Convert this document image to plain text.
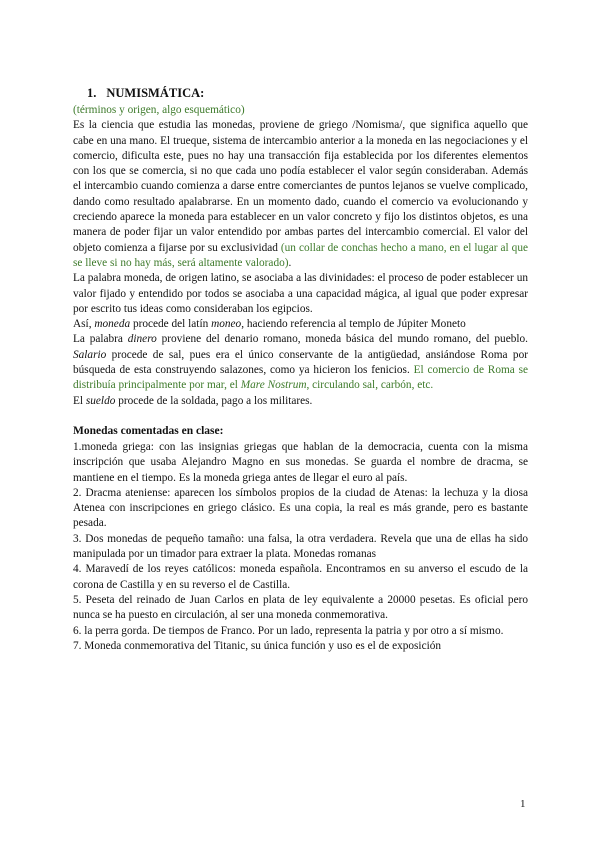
1. NUMISMÁTICA:

(términos y origen, algo esquemático)

Es la ciencia que estudia las monedas, proviene de griego /Nomisma/, que significa aquello que cabe en una mano. El trueque, sistema de intercambio anterior a la moneda en las negociaciones y el comercio, dificulta este, pues no hay una transacción fija establecida por los diferentes elementos con los que se comercia, si no que cada uno podía establecer el valor según consideraban. Además el intercambio cuando comienza a darse entre comerciantes de puntos lejanos se vuelve complicado, dando como resultado apalabrarse. En un momento dado, cuando el comercio va evolucionando y creciendo aparece la moneda para establecer en un valor concreto y fijo los distintos objetos, es una manera de poder fijar un valor entendido por ambas partes del intercambio comercial. El valor del objeto comienza a fijarse por su exclusividad (un collar de conchas hecho a mano, en el lugar al que se lleve si no hay más, será altamente valorado).

La palabra moneda, de origen latino, se asociaba a las divinidades: el proceso de poder establecer un valor fijado y entendido por todos se asociaba a una capacidad mágica, al igual que poder expresar por escrito tus ideas como consideraban los egipcios.

Así, moneda procede del latín moneo, haciendo referencia al templo de Júpiter Moneto

La palabra dinero proviene del denario romano, moneda básica del mundo romano, del pueblo. Salario procede de sal, pues era el único conservante de la antigüedad, ansiándose Roma por búsqueda de esta construyendo salazones, como ya hicieron los fenicios. El comercio de Roma se distribuía principalmente por mar, el Mare Nostrum, circulando sal, carbón, etc.

El sueldo procede de la soldada, pago a los militares.

Monedas comentadas en clase:

1.moneda griega: con las insignias griegas que hablan de la democracia, cuenta con la misma inscripción que usaba Alejandro Magno en sus monedas. Se guarda el nombre de dracma, se mantiene en el tiempo. Es la moneda griega antes de llegar el euro al país.

2. Dracma ateniense: aparecen los símbolos propios de la ciudad de Atenas: la lechuza y la diosa Atenea con inscripciones en griego clásico. Es una copia, la real es más grande, pero es bastante pesada.

3. Dos monedas de pequeño tamaño: una falsa, la otra verdadera. Revela que una de ellas ha sido manipulada por un timador para extraer la plata. Monedas romanas

4. Maravedí de los reyes católicos: moneda española. Encontramos en su anverso el escudo de la corona de Castilla y en su reverso el de Castilla.

5. Peseta del reinado de Juan Carlos en plata de ley equivalente a 20000 pesetas. Es oficial pero nunca se ha puesto en circulación, al ser una moneda conmemorativa.

6. la perra gorda. De tiempos de Franco. Por un lado, representa la patria y por otro a sí mismo.

7. Moneda conmemorativa del Titanic, su única función y uso es el de exposición

1
